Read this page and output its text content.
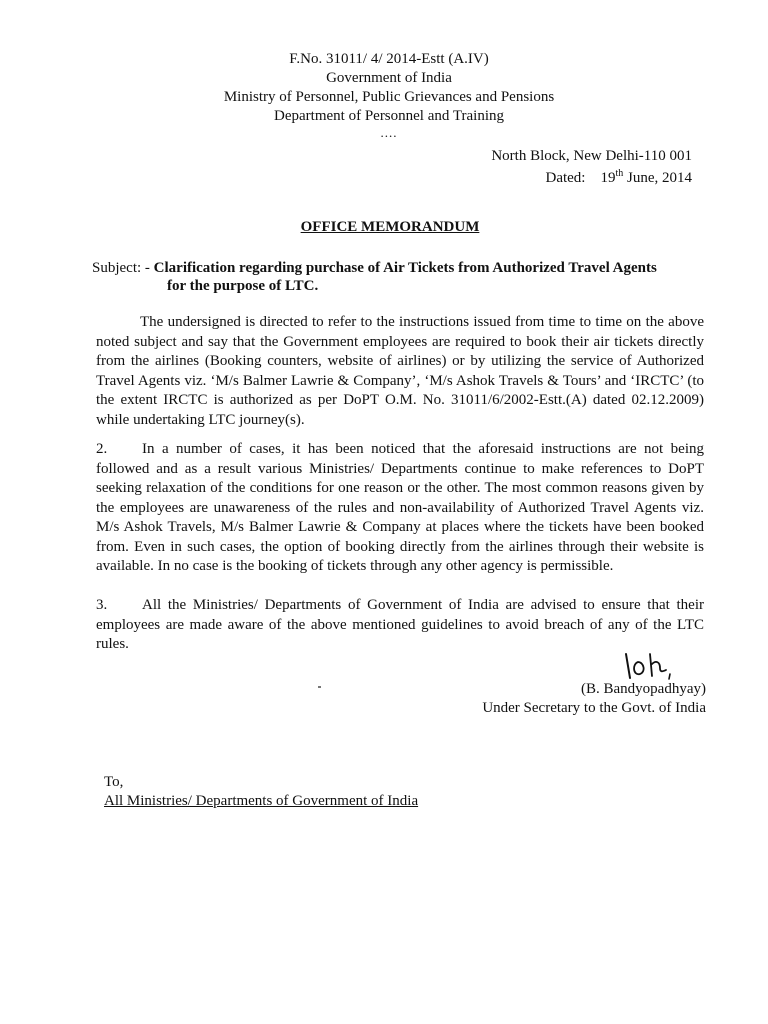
F.No. 31011/ 4/ 2014-Estt (A.IV)
Government of India
Ministry of Personnel, Public Grievances and Pensions
Department of Personnel and Training
....
North Block, New Delhi-110 001
Dated: 19th June, 2014
OFFICE MEMORANDUM
Subject: - Clarification regarding purchase of Air Tickets from Authorized Travel Agents
for the purpose of LTC.

The undersigned is directed to refer to the instructions issued from time to time on the above noted subject and say that the Government employees are required to book their air tickets directly from the airlines (Booking counters, website of airlines) or by utilizing the service of Authorized Travel Agents viz. ‘M/s Balmer Lawrie & Company’, ‘M/s Ashok Travels & Tours’ and ‘IRCTC’ (to the extent IRCTC is authorized as per DoPT O.M. No. 31011/6/2002-Estt.(A) dated 02.12.2009) while undertaking LTC journey(s).

2. In a number of cases, it has been noticed that the aforesaid instructions are not being followed and as a result various Ministries/ Departments continue to make references to DoPT seeking relaxation of the conditions for one reason or the other. The most common reasons given by the employees are unawareness of the rules and non-availability of Authorized Travel Agents viz. M/s Ashok Travels, M/s Balmer Lawrie & Company at places where the tickets have been booked from. Even in such cases, the option of booking directly from the airlines through their website is available. In no case is the booking of tickets through any other agency is permissible.

3. All the Ministries/ Departments of Government of India are advised to ensure that their employees are made aware of the above mentioned guidelines to avoid breach of any of the LTC rules.

(B. Bandyopadhyay)
Under Secretary to the Govt. of India
To,
All Ministries/ Departments of Government of India
